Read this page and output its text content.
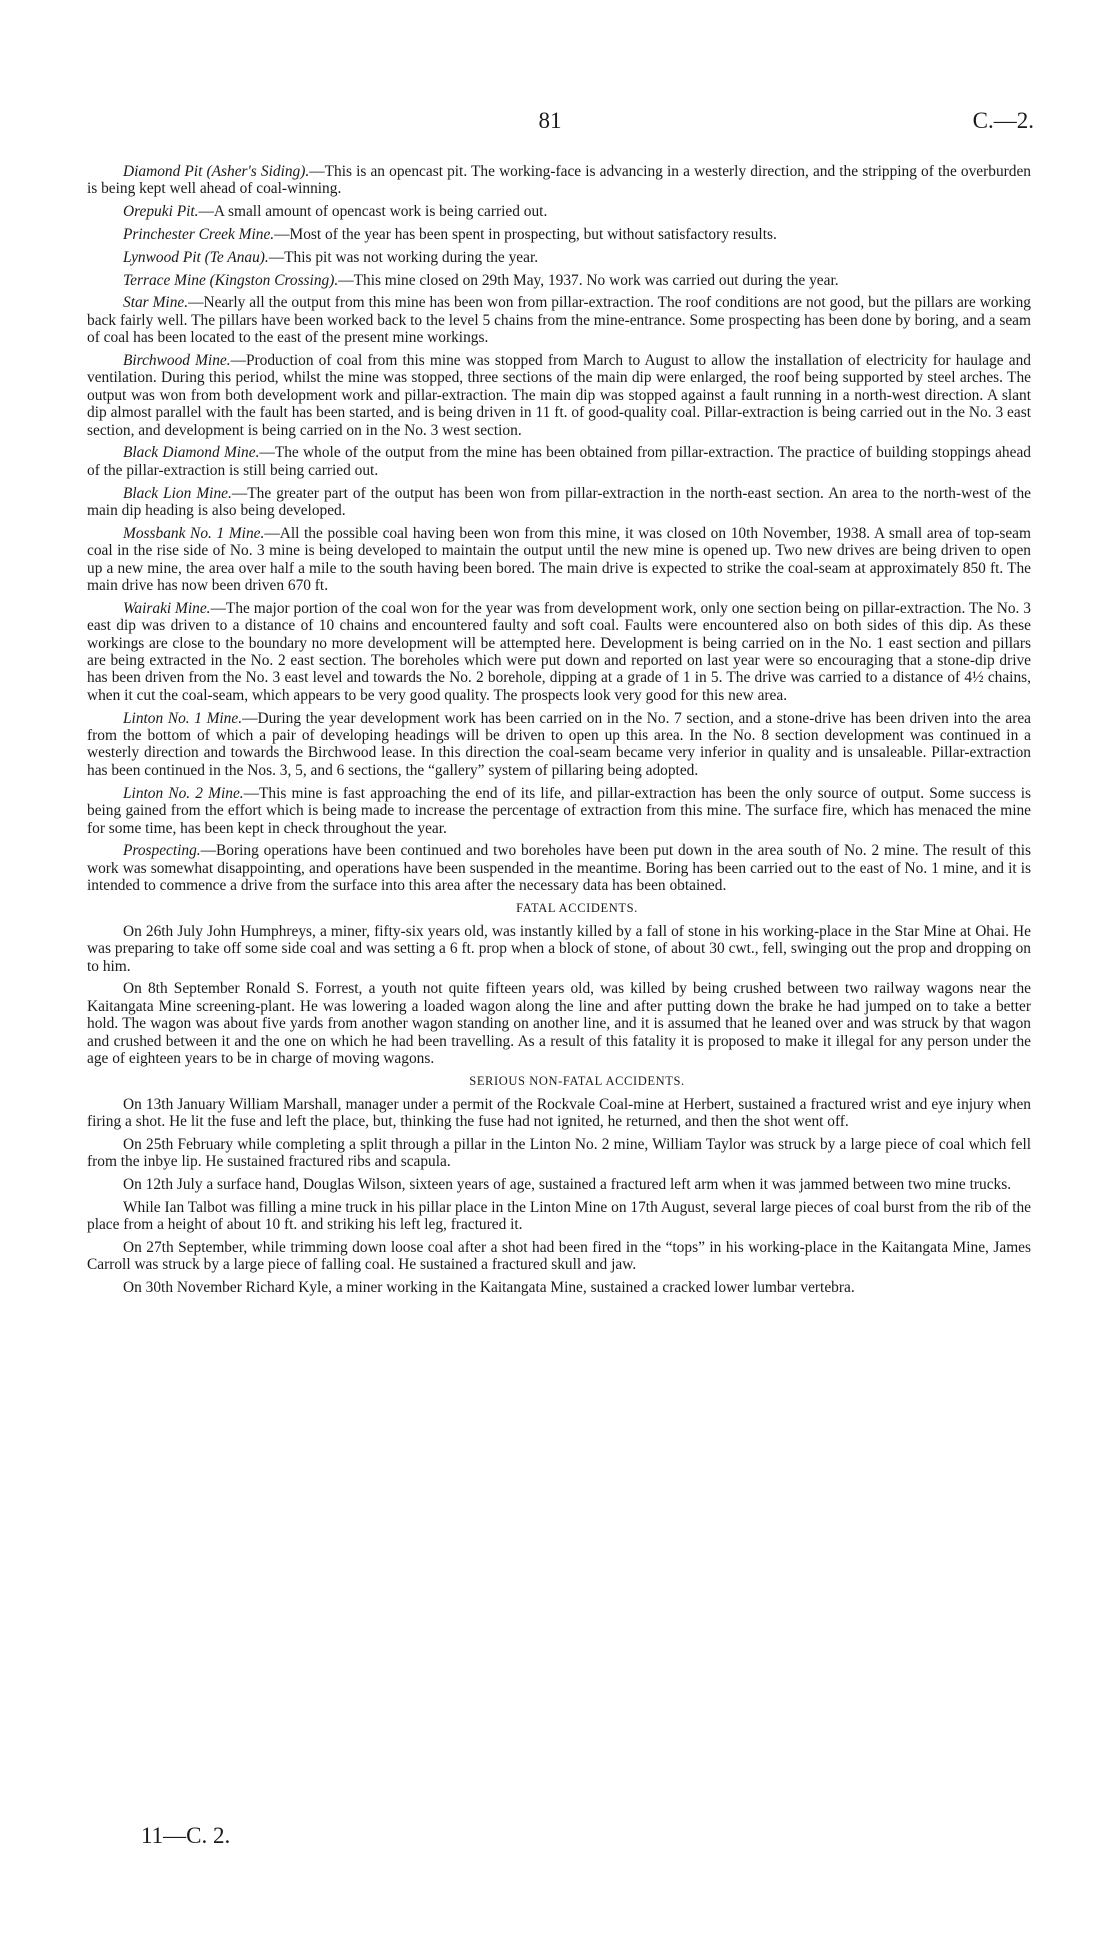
81	C.—2.

Diamond Pit (Asher's Siding).—This is an opencast pit. The working-face is advancing in a westerly direction, and the stripping of the overburden is being kept well ahead of coal-winning.

Orepuki Pit.—A small amount of opencast work is being carried out.

Princhester Creek Mine.—Most of the year has been spent in prospecting, but without satisfactory results.

Lynwood Pit (Te Anau).—This pit was not working during the year.

Terrace Mine (Kingston Crossing).—This mine closed on 29th May, 1937. No work was carried out during the year.

Star Mine.—Nearly all the output from this mine has been won from pillar-extraction. The roof conditions are not good, but the pillars are working back fairly well. The pillars have been worked back to the level 5 chains from the mine-entrance. Some prospecting has been done by boring, and a seam of coal has been located to the east of the present mine workings.

Birchwood Mine.—Production of coal from this mine was stopped from March to August to allow the installation of electricity for haulage and ventilation. During this period, whilst the mine was stopped, three sections of the main dip were enlarged, the roof being supported by steel arches. The output was won from both development work and pillar-extraction. The main dip was stopped against a fault running in a north-west direction. A slant dip almost parallel with the fault has been started, and is being driven in 11 ft. of good-quality coal. Pillar-extraction is being carried out in the No. 3 east section, and development is being carried on in the No. 3 west section.

Black Diamond Mine.—The whole of the output from the mine has been obtained from pillar-extraction. The practice of building stoppings ahead of the pillar-extraction is still being carried out.

Black Lion Mine.—The greater part of the output has been won from pillar-extraction in the north-east section. An area to the north-west of the main dip heading is also being developed.

Mossbank No. 1 Mine.—All the possible coal having been won from this mine, it was closed on 10th November, 1938. A small area of top-seam coal in the rise side of No. 3 mine is being developed to maintain the output until the new mine is opened up. Two new drives are being driven to open up a new mine, the area over half a mile to the south having been bored. The main drive is expected to strike the coal-seam at approximately 850 ft. The main drive has now been driven 670 ft.

Wairaki Mine.—The major portion of the coal won for the year was from development work, only one section being on pillar-extraction. The No. 3 east dip was driven to a distance of 10 chains and encountered faulty and soft coal. Faults were encountered also on both sides of this dip. As these workings are close to the boundary no more development will be attempted here. Development is being carried on in the No. 1 east section and pillars are being extracted in the No. 2 east section. The boreholes which were put down and reported on last year were so encouraging that a stone-dip drive has been driven from the No. 3 east level and towards the No. 2 borehole, dipping at a grade of 1 in 5. The drive was carried to a distance of 4½ chains, when it cut the coal-seam, which appears to be very good quality. The prospects look very good for this new area.

Linton No. 1 Mine.—During the year development work has been carried on in the No. 7 section, and a stone-drive has been driven into the area from the bottom of which a pair of developing headings will be driven to open up this area. In the No. 8 section development was continued in a westerly direction and towards the Birchwood lease. In this direction the coal-seam became very inferior in quality and is unsaleable. Pillar-extraction has been continued in the Nos. 3, 5, and 6 sections, the “gallery” system of pillaring being adopted.

Linton No. 2 Mine.—This mine is fast approaching the end of its life, and pillar-extraction has been the only source of output. Some success is being gained from the effort which is being made to increase the percentage of extraction from this mine. The surface fire, which has menaced the mine for some time, has been kept in check throughout the year.

Prospecting.—Boring operations have been continued and two boreholes have been put down in the area south of No. 2 mine. The result of this work was somewhat disappointing, and operations have been suspended in the meantime. Boring has been carried out to the east of No. 1 mine, and it is intended to commence a drive from the surface into this area after the necessary data has been obtained.

FATAL ACCIDENTS.

On 26th July John Humphreys, a miner, fifty-six years old, was instantly killed by a fall of stone in his working-place in the Star Mine at Ohai. He was preparing to take off some side coal and was setting a 6 ft. prop when a block of stone, of about 30 cwt., fell, swinging out the prop and dropping on to him.

On 8th September Ronald S. Forrest, a youth not quite fifteen years old, was killed by being crushed between two railway wagons near the Kaitangata Mine screening-plant. He was lowering a loaded wagon along the line and after putting down the brake he had jumped on to take a better hold. The wagon was about five yards from another wagon standing on another line, and it is assumed that he leaned over and was struck by that wagon and crushed between it and the one on which he had been travelling. As a result of this fatality it is proposed to make it illegal for any person under the age of eighteen years to be in charge of moving wagons.

SERIOUS NON-FATAL ACCIDENTS.

On 13th January William Marshall, manager under a permit of the Rockvale Coal-mine at Herbert, sustained a fractured wrist and eye injury when firing a shot. He lit the fuse and left the place, but, thinking the fuse had not ignited, he returned, and then the shot went off.

On 25th February while completing a split through a pillar in the Linton No. 2 mine, William Taylor was struck by a large piece of coal which fell from the inbye lip. He sustained fractured ribs and scapula.

On 12th July a surface hand, Douglas Wilson, sixteen years of age, sustained a fractured left arm when it was jammed between two mine trucks.

While Ian Talbot was filling a mine truck in his pillar place in the Linton Mine on 17th August, several large pieces of coal burst from the rib of the place from a height of about 10 ft. and striking his left leg, fractured it.

On 27th September, while trimming down loose coal after a shot had been fired in the “tops” in his working-place in the Kaitangata Mine, James Carroll was struck by a large piece of falling coal. He sustained a fractured skull and jaw.

On 30th November Richard Kyle, a miner working in the Kaitangata Mine, sustained a cracked lower lumbar vertebra.

11—C. 2.
